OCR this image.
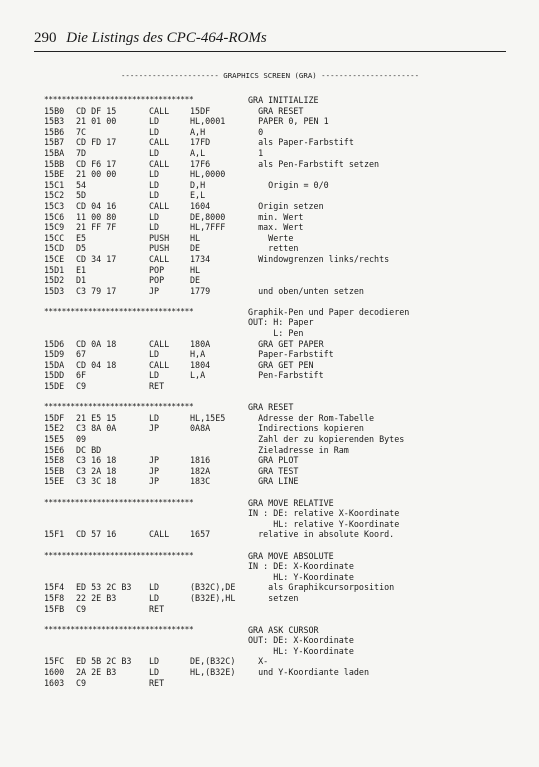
290 Die Listings des CPC-464-ROMs
---------------------- GRAPHICS SCREEN (GRA) ----------------------
**********************************	GRA INITIALIZE
15B0	CD DF 15	CALL	15DF	GRA RESET
15B3	21 01 00	LD	HL,0001	PAPER 0, PEN 1
15B6	7C	LD	A,H	0
15B7	CD FD 17	CALL	17FD	als Paper-Farbstift
15BA	7D	LD	A,L	1
15BB	CD F6 17	CALL	17F6	als Pen-Farbstift setzen
15BE	21 00 00	LD	HL,0000
15C1	54	LD	D,H	Origin = 0/0
15C2	5D	LD	E,L
15C3	CD 04 16	CALL	1604	Origin setzen
15C6	11 00 80	LD	DE,8000	min. Wert
15C9	21 FF 7F	LD	HL,7FFF	max. Wert
15CC	E5	PUSH	HL	Werte
15CD	D5	PUSH	DE	retten
15CE	CD 34 17	CALL	1734	Windowgrenzen links/rechts
15D1	E1	POP	HL
15D2	D1	POP	DE
15D3	C3 79 17	JP	1779	und oben/unten setzen
**********************************	Graphik-Pen und Paper decodieren
OUT: H: Paper
L: Pen
15D6	CD 0A 18	CALL	180A	GRA GET PAPER
15D9	67	LD	H,A	Paper-Farbstift
15DA	CD 04 18	CALL	1804	GRA GET PEN
15DD	6F	LD	L,A	Pen-Farbstift
15DE	C9	RET
**********************************	GRA RESET
15DF	21 E5 15	LD	HL,15E5	Adresse der Rom-Tabelle
15E2	C3 8A 0A	JP	0A8A	Indirections kopieren
15E5	09	Zahl der zu kopierenden Bytes
15E6	DC BD	Zieladresse in Ram
15E8	C3 16 18	JP	1816	GRA PLOT
15EB	C3 2A 18	JP	182A	GRA TEST
15EE	C3 3C 18	JP	183C	GRA LINE
**********************************	GRA MOVE RELATIVE
IN : DE: relative X-Koordinate
HL: relative Y-Koordinate
15F1	CD 57 16	CALL	1657	relative in absolute Koord.
**********************************	GRA MOVE ABSOLUTE
IN : DE: X-Koordinate
HL: Y-Koordinate
15F4	ED 53 2C B3	LD	(B32C),DE	als Graphikcursorposition
15F8	22 2E B3	LD	(B32E),HL	setzen
15FB	C9	RET
**********************************	GRA ASK CURSOR
OUT: DE: X-Koordinate
HL: Y-Koordinate
15FC	ED 5B 2C B3	LD	DE,(B32C)	X-
1600	2A 2E B3	LD	HL,(B32E)	und Y-Koordiante laden
1603	C9	RET
